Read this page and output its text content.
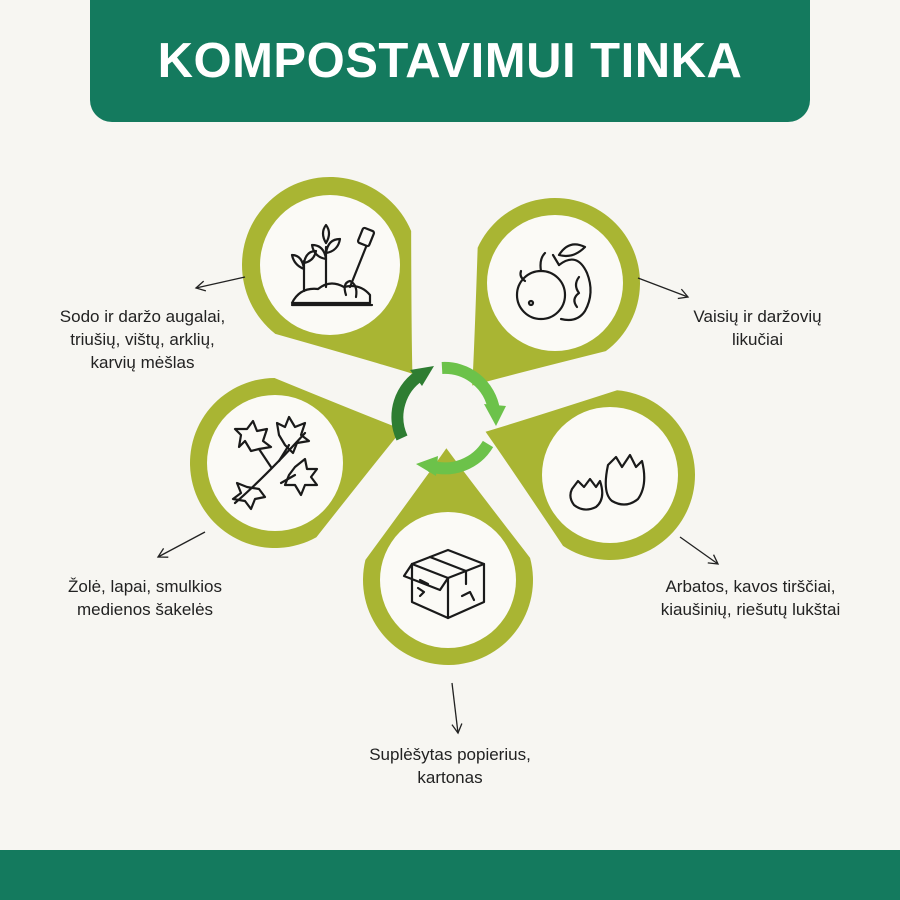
KOMPOSTAVIMUI TINKA
Sodo ir daržo augalai,
triušių, vištų, arklių,
karvių mėšlas
Vaisių ir daržovių
likučiai
Arbatos, kavos tirščiai,
kiaušinių, riešutų lukštai
Suplėšytas popierius,
kartonas
Žolė, lapai, smulkios
medienos šakelės
